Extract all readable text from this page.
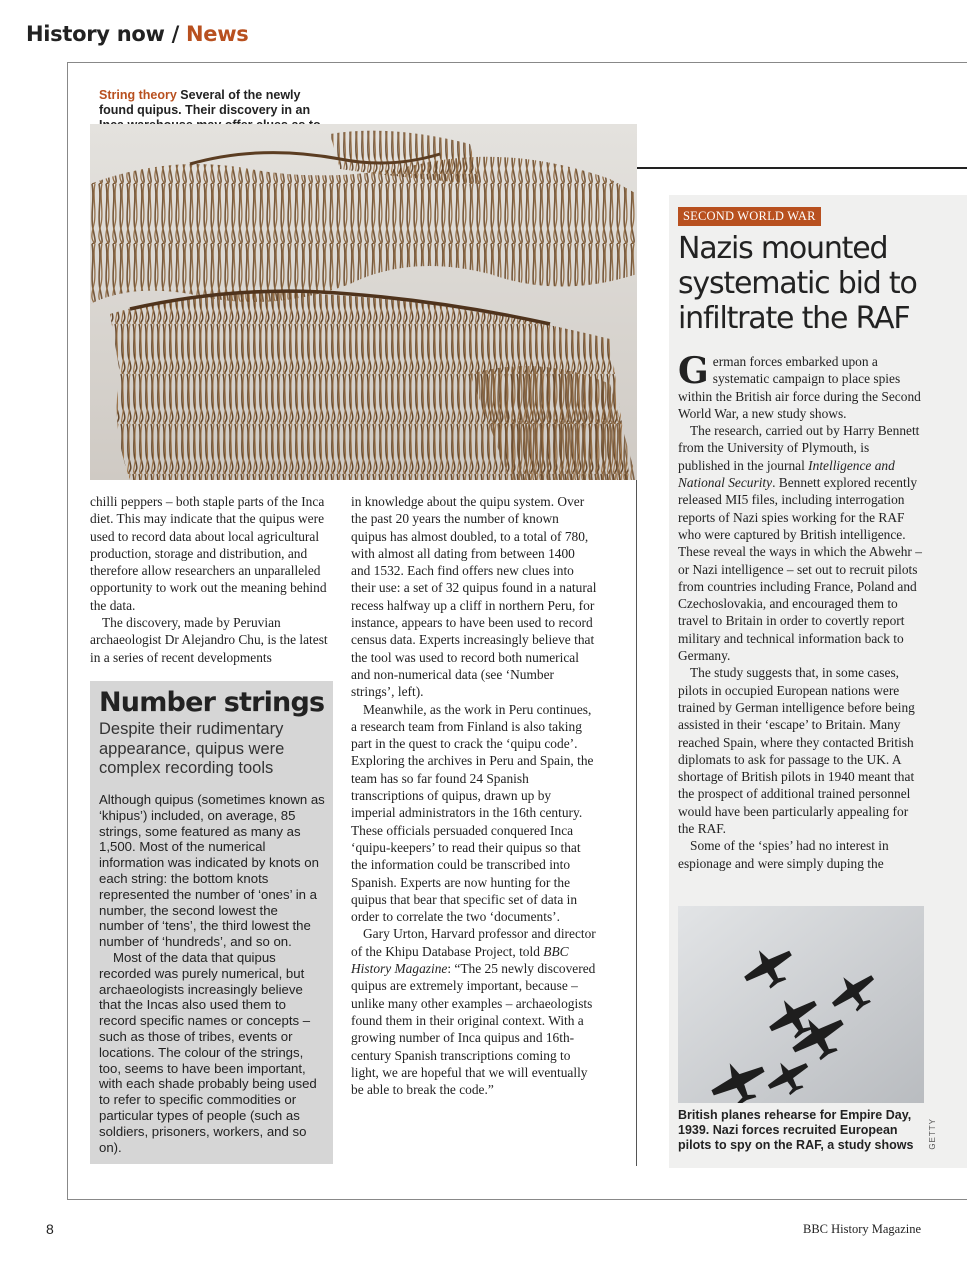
History now / News
String theory Several of the newly found quipus. Their discovery in an

chilli peppers – both staple parts of the Inca diet. This may indicate that the quipus were used to record data about local agricultural production, storage and distribution, and therefore allow researchers an unparalleled opportunity to work out the meaning behind the data.

The discovery, made by Peruvian archaeologist Dr Alejandro Chu, is the latest in a series of recent developments

Number strings
Despite their rudimentary appearance, quipus were complex recording tools

Although quipus (sometimes known as ‘khipus’) included, on average, 85 strings, some featured as many as 1,500. Most of the numerical information was indicated by knots on each string: the bottom knots represented the number of ‘ones’ in a number, the second lowest the number of ‘tens’, the third lowest the number of ‘hundreds’, and so on.

Most of the data that quipus recorded was purely numerical, but archaeologists increasingly believe that the Incas also used them to record specific names or concepts – such as those of tribes, events or locations. The colour of the strings, too, seems to have been important, with each shade probably being used to refer to specific commodities or particular types of people (such as soldiers, prisoners, workers, and so on).

in knowledge about the quipu system. Over the past 20 years the number of known quipus has almost doubled, to a total of 780, with almost all dating from between 1400 and 1532. Each find offers new clues into their use: a set of 32 quipus found in a natural recess halfway up a cliff in northern Peru, for instance, appears to have been used to record census data. Experts increasingly believe that the tool was used to record both numerical and non-numerical data (see ‘Number strings’, left).

Meanwhile, as the work in Peru continues, a research team from Finland is also taking part in the quest to crack the ‘quipu code’. Exploring the archives in Peru and Spain, the team has so far found 24 Spanish transcriptions of quipus, drawn up by imperial administrators in the 16th century. These officials persuaded conquered Inca ‘quipu-keepers’ to read their quipus so that the information could be transcribed into Spanish. Experts are now hunting for the quipus that bear that specific set of data in order to correlate the two ‘documents’.

Gary Urton, Harvard professor and director of the Khipu Database Project, told BBC History Magazine: “The 25 newly discovered quipus are extremely important, because – unlike many other examples – archaeologists found them in their original context. With a growing number of Inca quipus and 16th-century Spanish transcriptions coming to light, we are hopeful that we will eventually be able to break the code.”

SECOND WORLD WAR
Nazis mounted systematic bid to infiltrate the RAF

German forces embarked upon a systematic campaign to place spies within the British air force during the Second World War, a new study shows.

The research, carried out by Harry Bennett from the University of Plymouth, is published in the journal Intelligence and National Security. Bennett explored recently released MI5 files, including interrogation reports of Nazi spies working for the RAF who were captured by British intelligence. These reveal the ways in which the Abwehr – or Nazi intelligence – set out to recruit pilots from countries including France, Poland and Czechoslovakia, and encouraged them to travel to Britain in order to covertly report military and technical information back to Germany.

The study suggests that, in some cases, pilots in occupied European nations were trained by German intelligence before being assisted in their ‘escape’ to Britain. Many reached Spain, where they contacted British diplomats to ask for passage to the UK. A shortage of British pilots in 1940 meant that the prospect of additional trained personnel would have been particularly appealing for the RAF.

Some of the ‘spies’ had no interest in espionage and were simply duping the

British planes rehearse for Empire Day, 1939. Nazi forces recruited European pilots to spy on the RAF, a study shows	GETTY
8	BBC History Magazine
